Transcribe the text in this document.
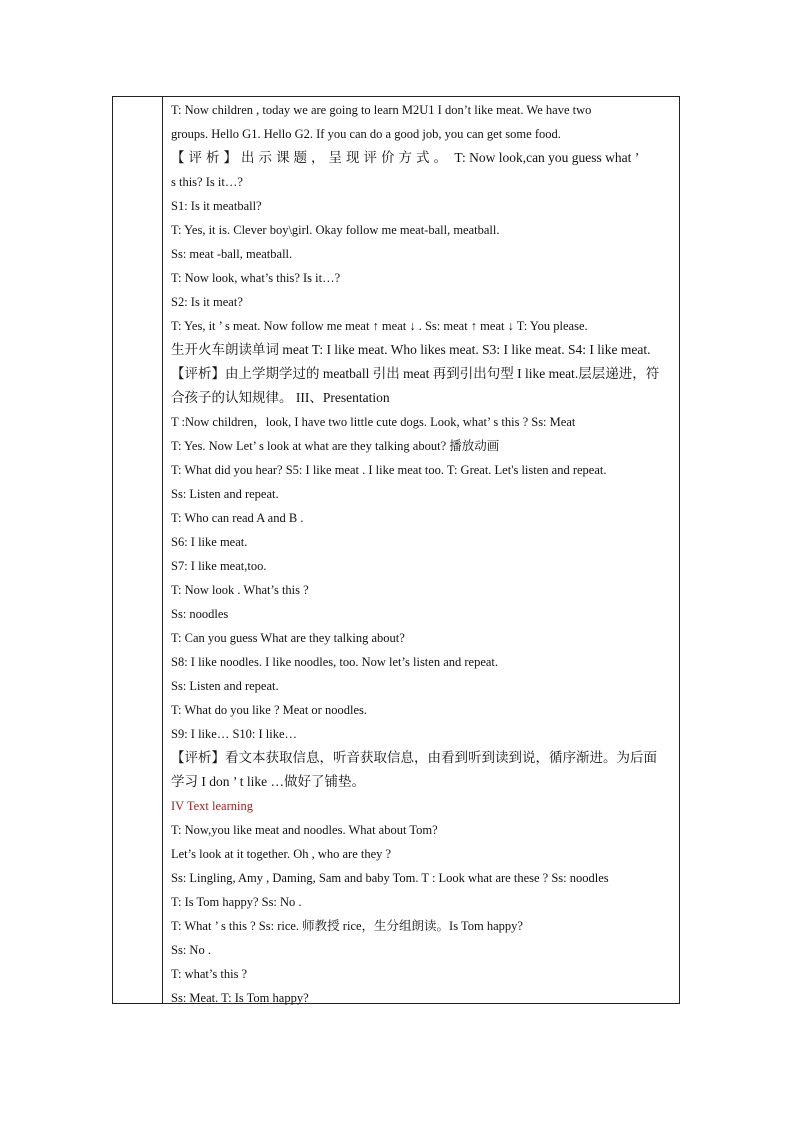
T: Now children , today we are going to learn M2U1 I don’t like meat. We have two
groups. Hello G1. Hello G2. If you can do a good job, you can get some food.
【评析】出示课题，呈现评价方式。 T: Now look,can you guess what ’
s this? Is it…?
S1: Is it meatball?
T: Yes, it is. Clever boy\girl. Okay follow me meat-ball, meatball.
Ss: meat -ball, meatball.
T: Now look, what’s this? Is it…?
S2: Is it meat?
T: Yes, it ’ s meat. Now follow me meat ↑ meat ↓ . Ss: meat ↑ meat ↓ T: You please.
生开火车朗读单词 meat T: I like meat. Who likes meat. S3: I like meat. S4: I like meat.
【评析】由上学期学过的 meatball 引出 meat 再到引出句型 I like meat.层层递进，符
合孩子的认知规律。 III、Presentation
T :Now children，look, I have two little cute dogs. Look, what’ s this ? Ss: Meat
T: Yes. Now Let’ s look at what are they talking about? 播放动画
T: What did you hear? S5: I like meat . I like meat too. T: Great. Let's listen and repeat.
Ss: Listen and repeat.
T: Who can read A and B .
S6: I like meat.
S7: I like meat,too.
T: Now look . What’s this ?
Ss: noodles
T: Can you guess What are they talking about?
S8: I like noodles. I like noodles, too. Now let’s listen and repeat.
Ss: Listen and repeat.
T: What do you like ? Meat or noodles.
S9: I like… S10: I like…
【评析】看文本获取信息，听音获取信息，由看到听到读到说，循序渐进。为后面
学习 I don ’ t like …做好了铺垫。
IV Text learning
T: Now,you like meat and noodles. What about Tom?
Let’s look at it together. Oh , who are they ?
Ss: Lingling, Amy , Daming, Sam and baby Tom. T : Look what are these ? Ss: noodles
T: Is Tom happy? Ss: No .
T: What ’ s this ? Ss: rice. 师教授 rice，生分组朗读。Is Tom happy?
Ss: No .
T: what’s this ?
Ss: Meat. T: Is Tom happy?
